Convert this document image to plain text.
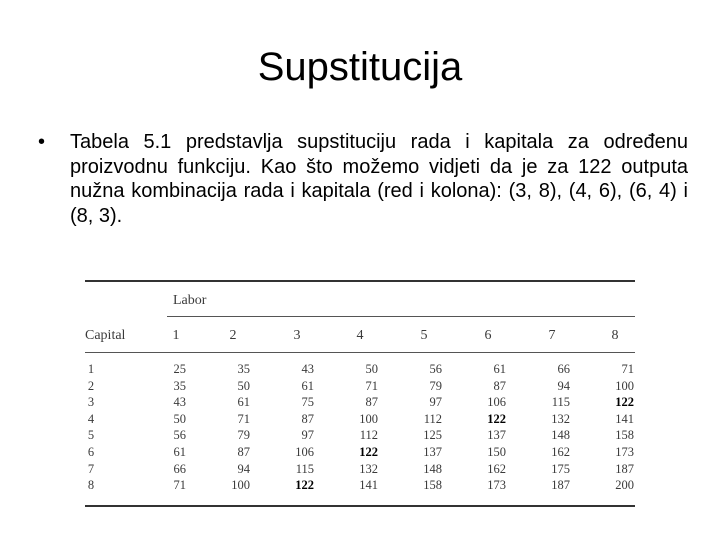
Supstitucija
• Tabela 5.1 predstavlja supstituciju rada i kapitala za određenu proizvodnu funkciju. Kao što možemo vidjeti da je za 122 outputa nužna kombinacija rada i kapitala (red i kolona): (3, 8), (4, 6), (6, 4) i (8, 3).
Labor
Capital	1	2	3	4	5	6	7	8
1	25	35	43	50	56	61	66	71
2	35	50	61	71	79	87	94	100
3	43	61	75	87	97	106	115	122
4	50	71	87	100	112	122	132	141
5	56	79	97	112	125	137	148	158
6	61	87	106	122	137	150	162	173
7	66	94	115	132	148	162	175	187
8	71	100	122	141	158	173	187	200
